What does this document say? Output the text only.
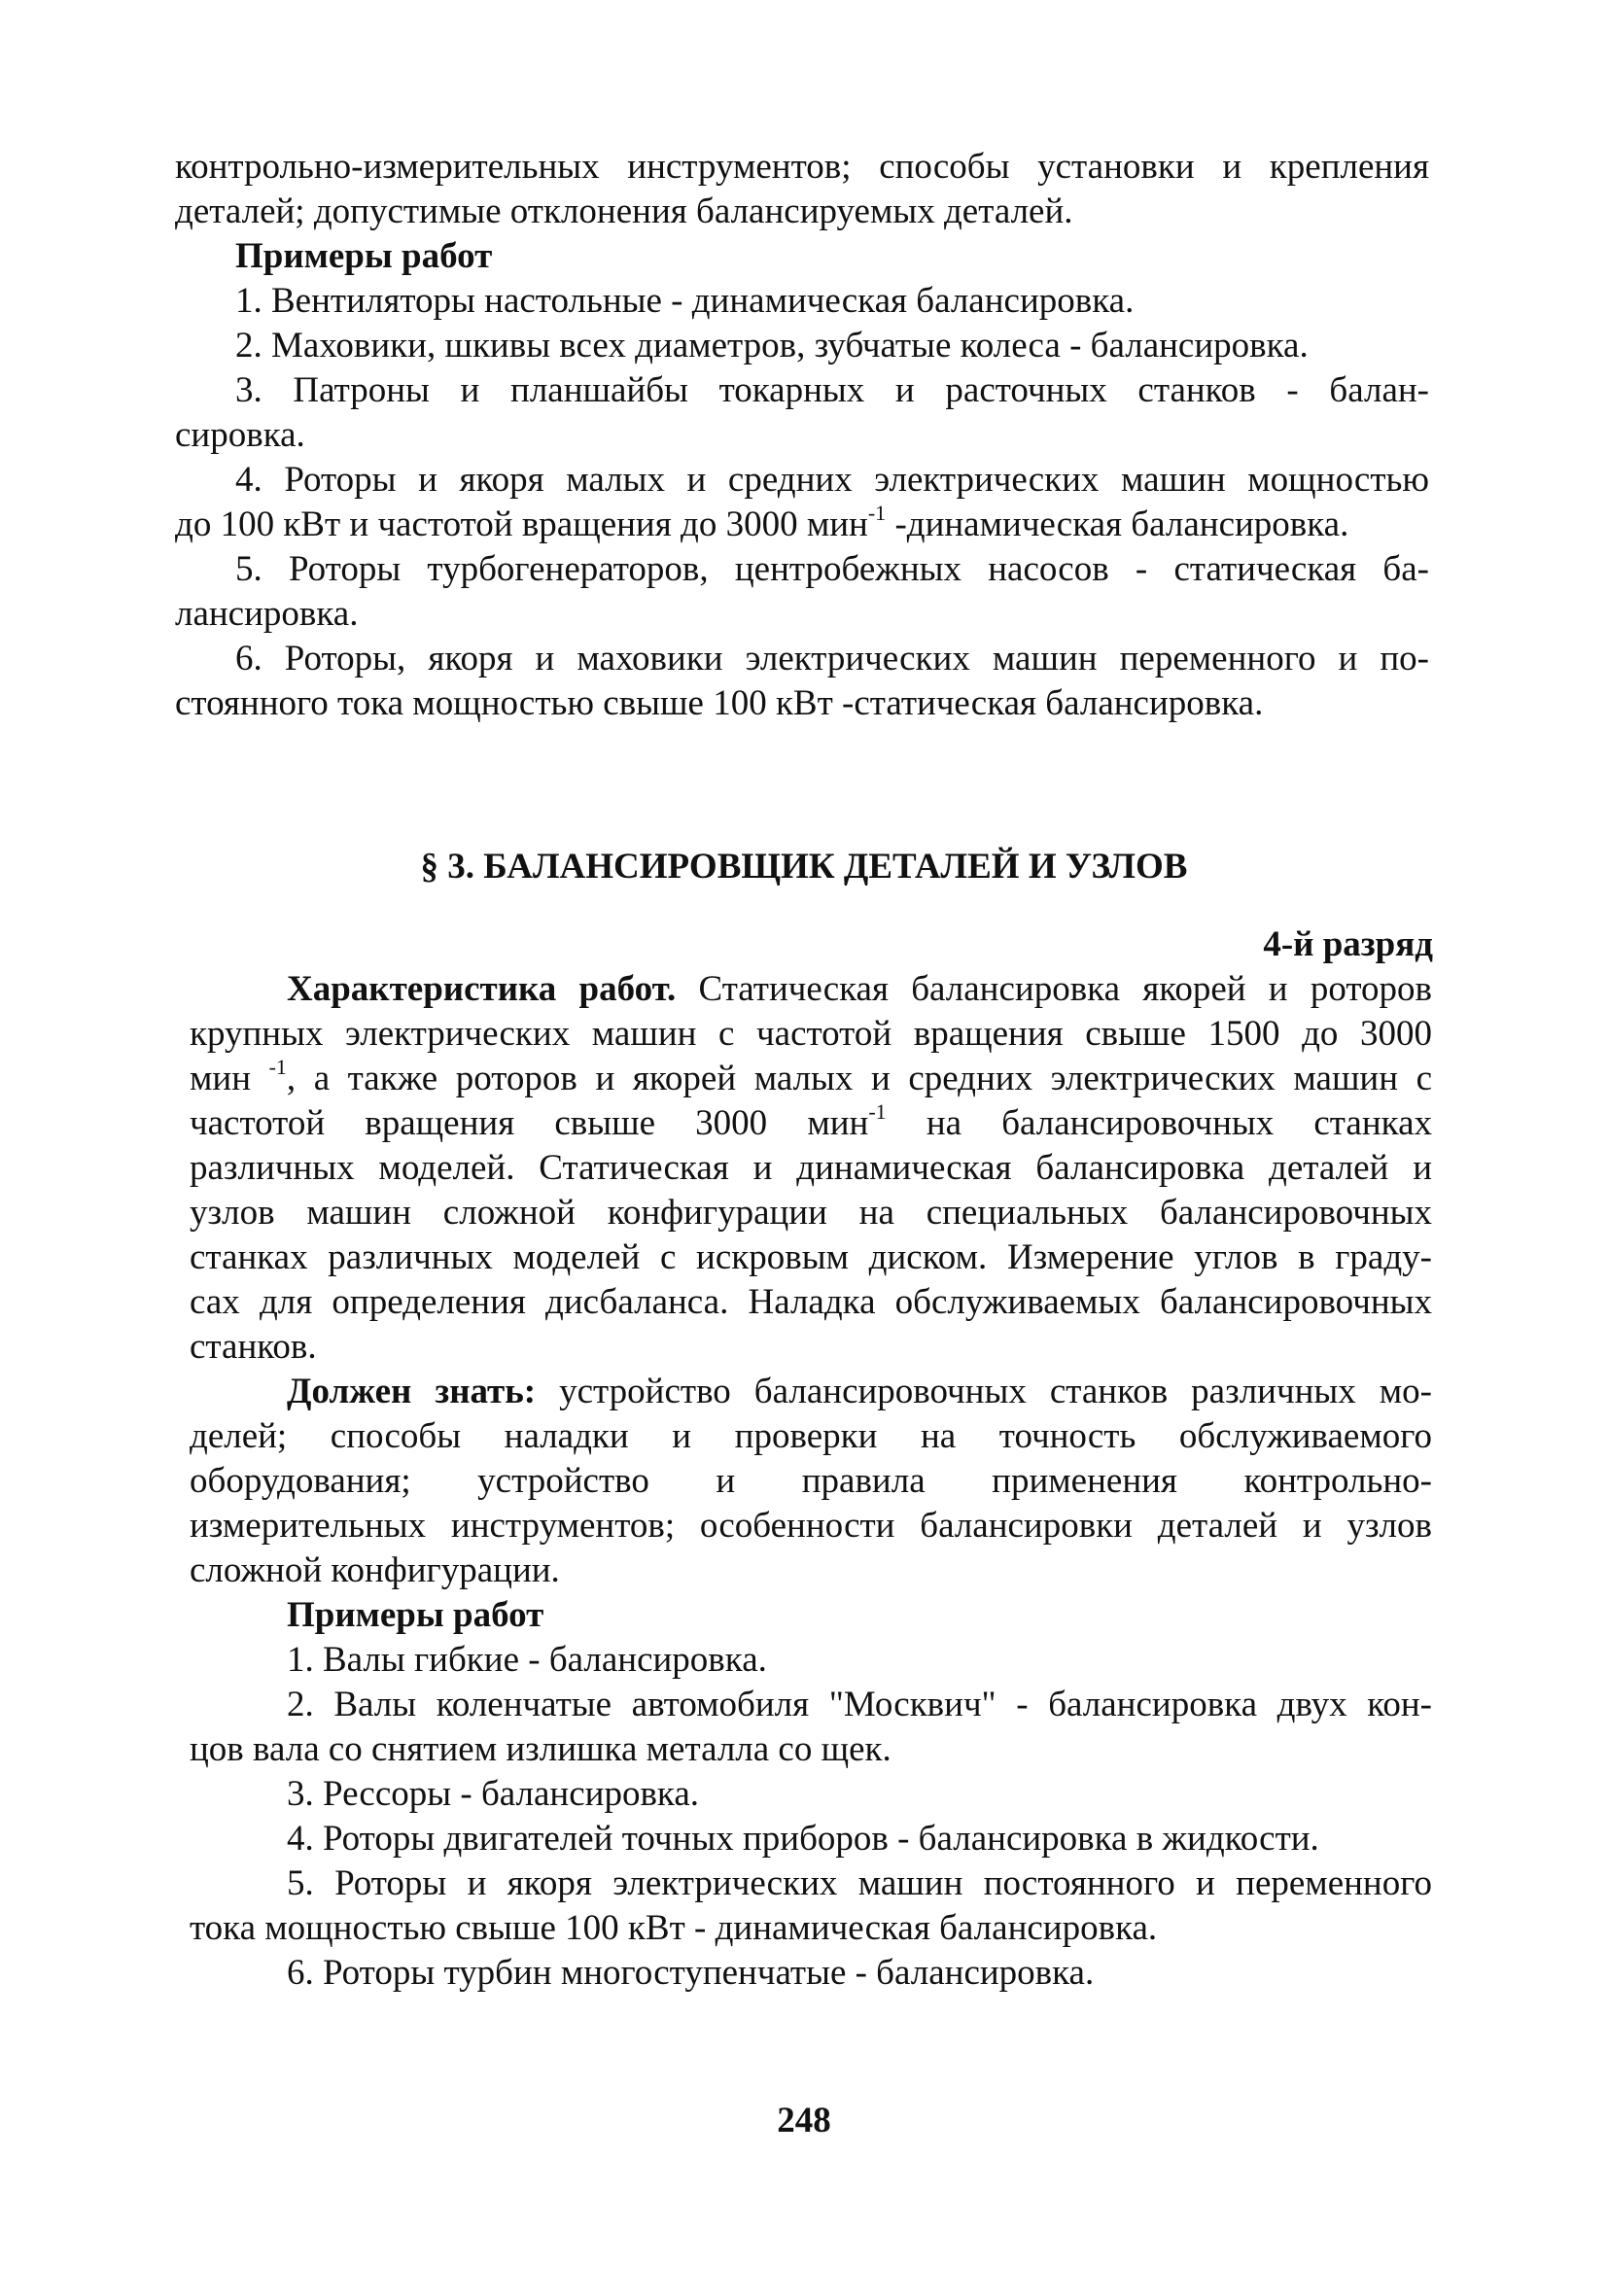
контрольно-измерительных инструментов; способы установки и крепления
деталей; допустимые отклонения балансируемых деталей.
Примеры работ
1. Вентиляторы настольные - динамическая балансировка.
2. Маховики, шкивы всех диаметров, зубчатые колеса - балансировка.
3. Патроны и планшайбы токарных и расточных станков - балан-
сировка.
4. Роторы и якоря малых и средних электрических машин мощностью
до 100 кВт и частотой вращения до 3000 мин$^{-1}$ -динамическая балансировка.
5. Роторы турбогенераторов, центробежных насосов - статическая ба-
лансировка.
6. Роторы, якоря и маховики электрических машин переменного и по-
стоянного тока мощностью свыше 100 кВт -статическая балансировка.
§ 3. БАЛАНСИРОВЩИК ДЕТАЛЕЙ И УЗЛОВ
4-й разряд
Характеристика работ. Статическая балансировка якорей и роторов
крупных электрических машин с частотой вращения свыше 1500 до 3000
мин $^{-1}$, а также роторов и якорей малых и средних электрических машин с
частотой вращения свыше 3000 мин$^{-1}$ на балансировочных станках
различных моделей. Статическая и динамическая балансировка деталей и
узлов машин сложной конфигурации на специальных балансировочных
станках различных моделей с искровым диском. Измерение углов в граду-
сах для определения дисбаланса. Наладка обслуживаемых балансировочных
станков.
Должен знать: устройство балансировочных станков различных мо-
делей; способы наладки и проверки на точность обслуживаемого
оборудования; устройство и правила применения контрольно-
измерительных инструментов; особенности балансировки деталей и узлов
сложной конфигурации.
Примеры работ
1. Валы гибкие - балансировка.
2. Валы коленчатые автомобиля "Москвич" - балансировка двух кон-
цов вала со снятием излишка металла со щек.
3. Рессоры - балансировка.
4. Роторы двигателей точных приборов - балансировка в жидкости.
5. Роторы и якоря электрических машин постоянного и переменного
тока мощностью свыше 100 кВт - динамическая балансировка.
6. Роторы турбин многоступенчатые - балансировка.
248
